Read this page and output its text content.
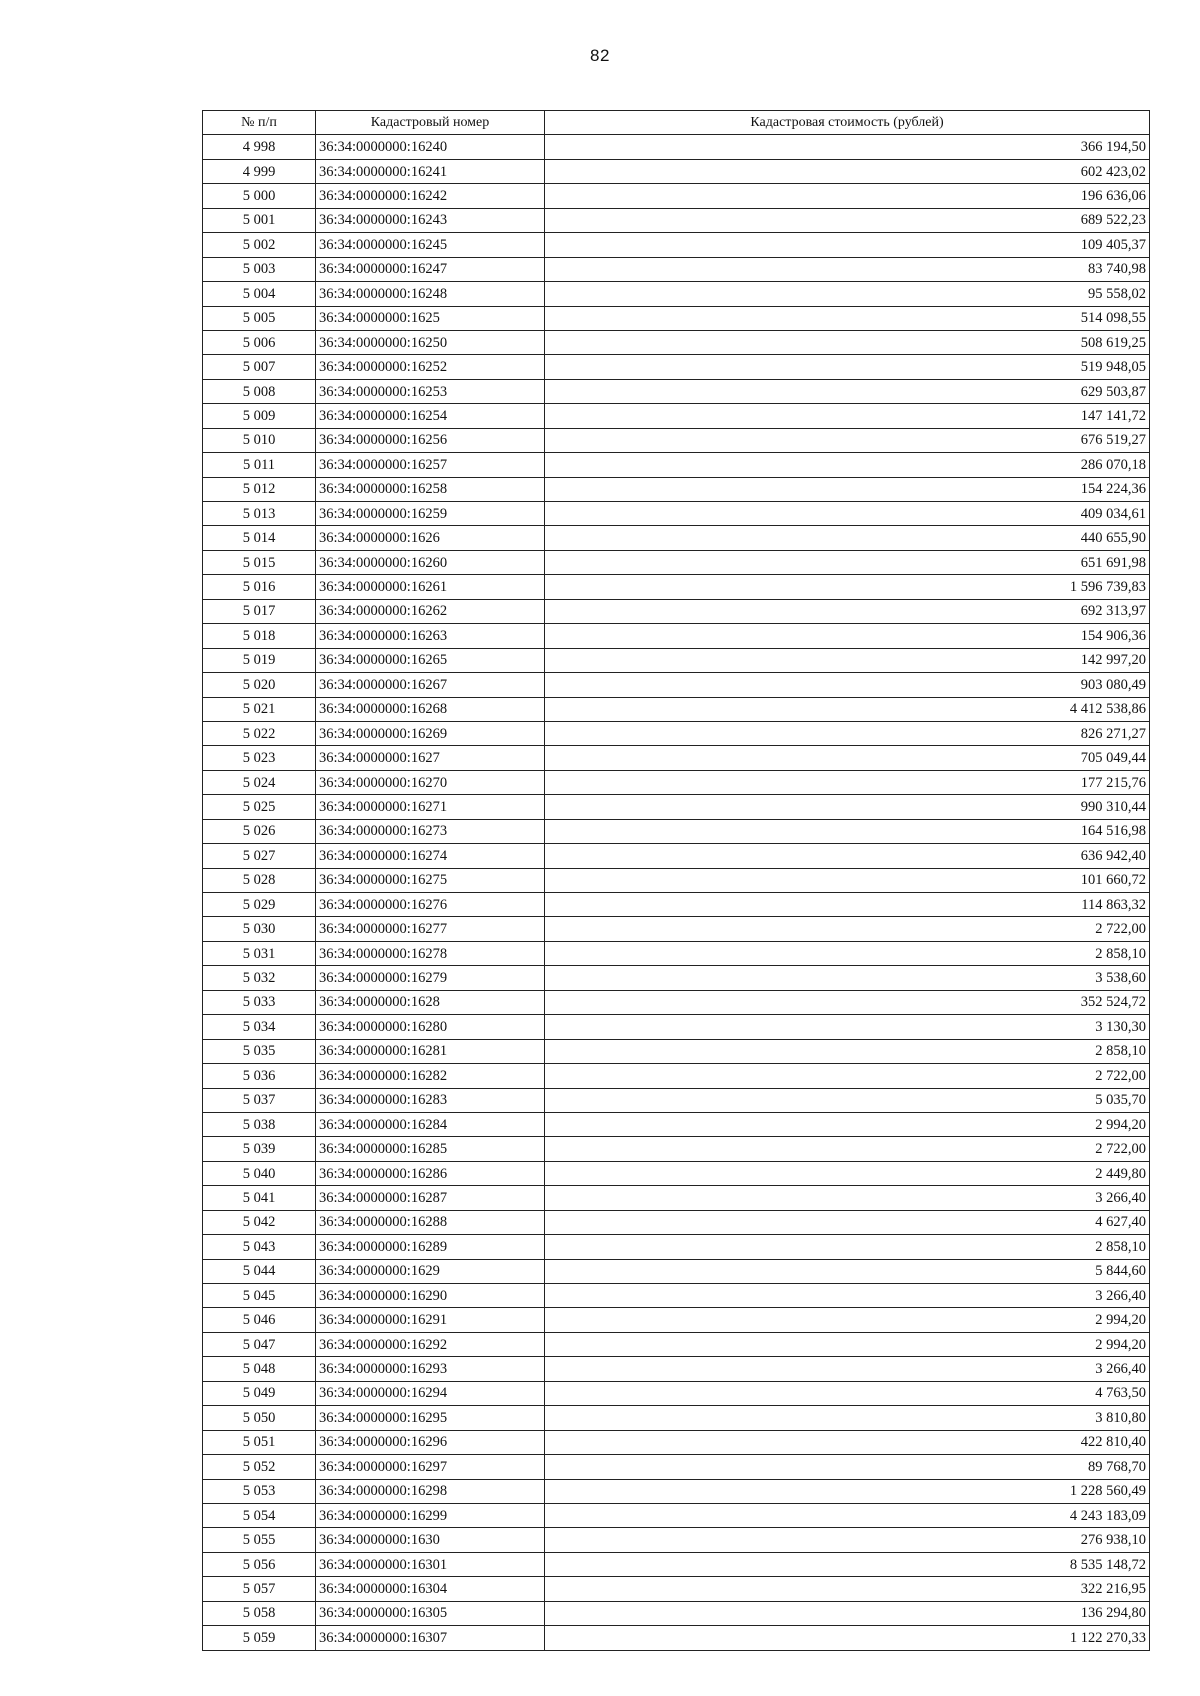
82
№ п/п	Кадастровый номер	Кадастровая стоимость (рублей)
4 998	36:34:0000000:16240	366 194,50
4 999	36:34:0000000:16241	602 423,02
5 000	36:34:0000000:16242	196 636,06
5 001	36:34:0000000:16243	689 522,23
5 002	36:34:0000000:16245	109 405,37
5 003	36:34:0000000:16247	83 740,98
5 004	36:34:0000000:16248	95 558,02
5 005	36:34:0000000:1625	514 098,55
5 006	36:34:0000000:16250	508 619,25
5 007	36:34:0000000:16252	519 948,05
5 008	36:34:0000000:16253	629 503,87
5 009	36:34:0000000:16254	147 141,72
5 010	36:34:0000000:16256	676 519,27
5 011	36:34:0000000:16257	286 070,18
5 012	36:34:0000000:16258	154 224,36
5 013	36:34:0000000:16259	409 034,61
5 014	36:34:0000000:1626	440 655,90
5 015	36:34:0000000:16260	651 691,98
5 016	36:34:0000000:16261	1 596 739,83
5 017	36:34:0000000:16262	692 313,97
5 018	36:34:0000000:16263	154 906,36
5 019	36:34:0000000:16265	142 997,20
5 020	36:34:0000000:16267	903 080,49
5 021	36:34:0000000:16268	4 412 538,86
5 022	36:34:0000000:16269	826 271,27
5 023	36:34:0000000:1627	705 049,44
5 024	36:34:0000000:16270	177 215,76
5 025	36:34:0000000:16271	990 310,44
5 026	36:34:0000000:16273	164 516,98
5 027	36:34:0000000:16274	636 942,40
5 028	36:34:0000000:16275	101 660,72
5 029	36:34:0000000:16276	114 863,32
5 030	36:34:0000000:16277	2 722,00
5 031	36:34:0000000:16278	2 858,10
5 032	36:34:0000000:16279	3 538,60
5 033	36:34:0000000:1628	352 524,72
5 034	36:34:0000000:16280	3 130,30
5 035	36:34:0000000:16281	2 858,10
5 036	36:34:0000000:16282	2 722,00
5 037	36:34:0000000:16283	5 035,70
5 038	36:34:0000000:16284	2 994,20
5 039	36:34:0000000:16285	2 722,00
5 040	36:34:0000000:16286	2 449,80
5 041	36:34:0000000:16287	3 266,40
5 042	36:34:0000000:16288	4 627,40
5 043	36:34:0000000:16289	2 858,10
5 044	36:34:0000000:1629	5 844,60
5 045	36:34:0000000:16290	3 266,40
5 046	36:34:0000000:16291	2 994,20
5 047	36:34:0000000:16292	2 994,20
5 048	36:34:0000000:16293	3 266,40
5 049	36:34:0000000:16294	4 763,50
5 050	36:34:0000000:16295	3 810,80
5 051	36:34:0000000:16296	422 810,40
5 052	36:34:0000000:16297	89 768,70
5 053	36:34:0000000:16298	1 228 560,49
5 054	36:34:0000000:16299	4 243 183,09
5 055	36:34:0000000:1630	276 938,10
5 056	36:34:0000000:16301	8 535 148,72
5 057	36:34:0000000:16304	322 216,95
5 058	36:34:0000000:16305	136 294,80
5 059	36:34:0000000:16307	1 122 270,33
